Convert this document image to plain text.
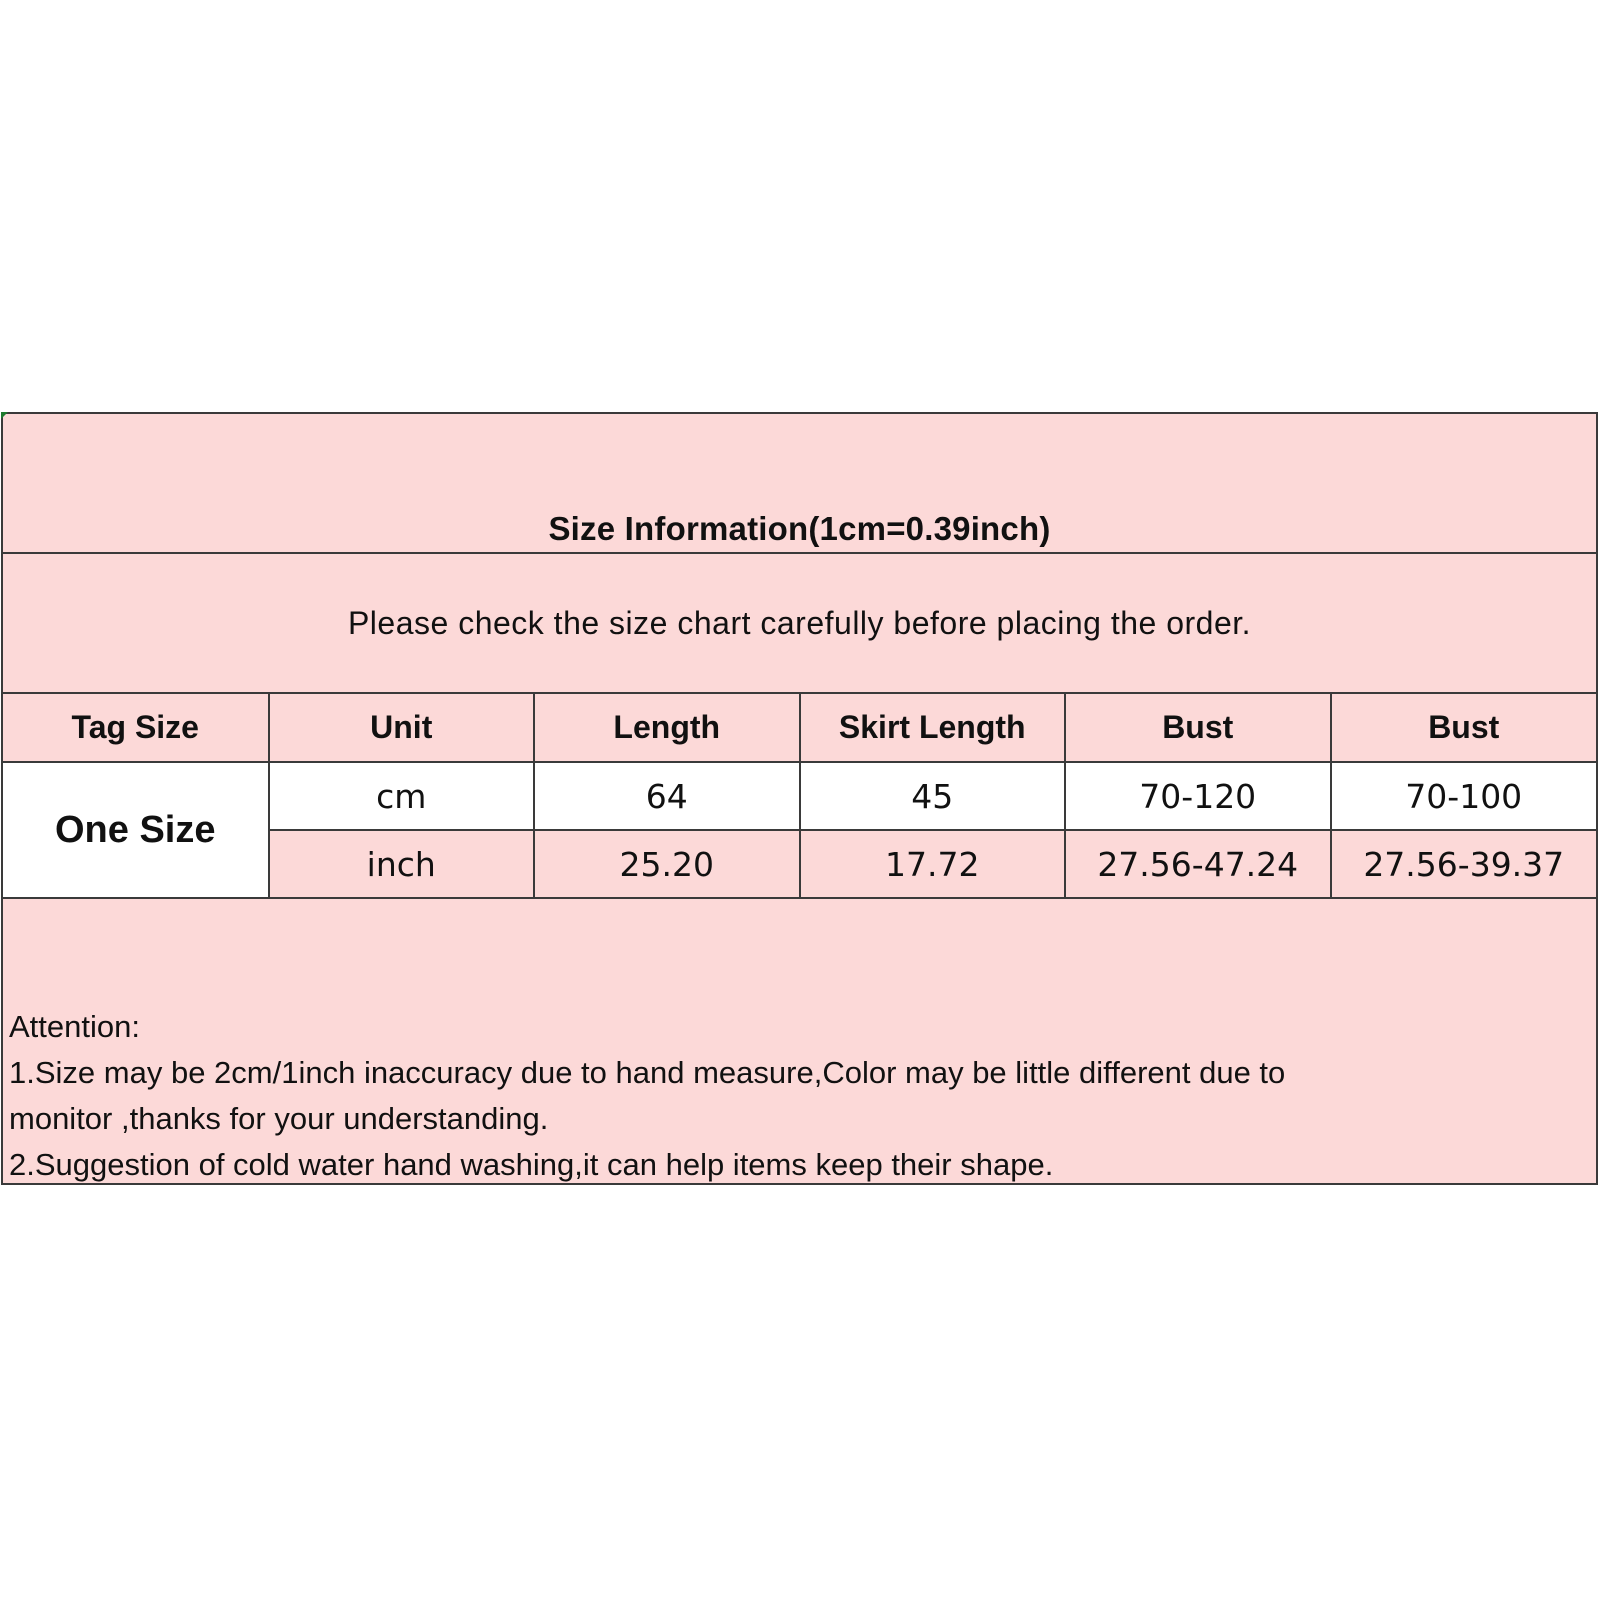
Size Information(1cm=0.39inch)
Please check the size chart carefully before placing the order.
Tag Size	Unit	Length	Skirt Length	Bust	Bust
One Size	cm	64	45	70-120	70-100
	inch	25.20	17.72	27.56-47.24	27.56-39.37
Attention:
1.Size may be 2cm/1inch inaccuracy due to hand measure,Color may be little different due to
monitor ,thanks for your understanding.
2.Suggestion of cold water hand washing,it can help items keep their shape.
